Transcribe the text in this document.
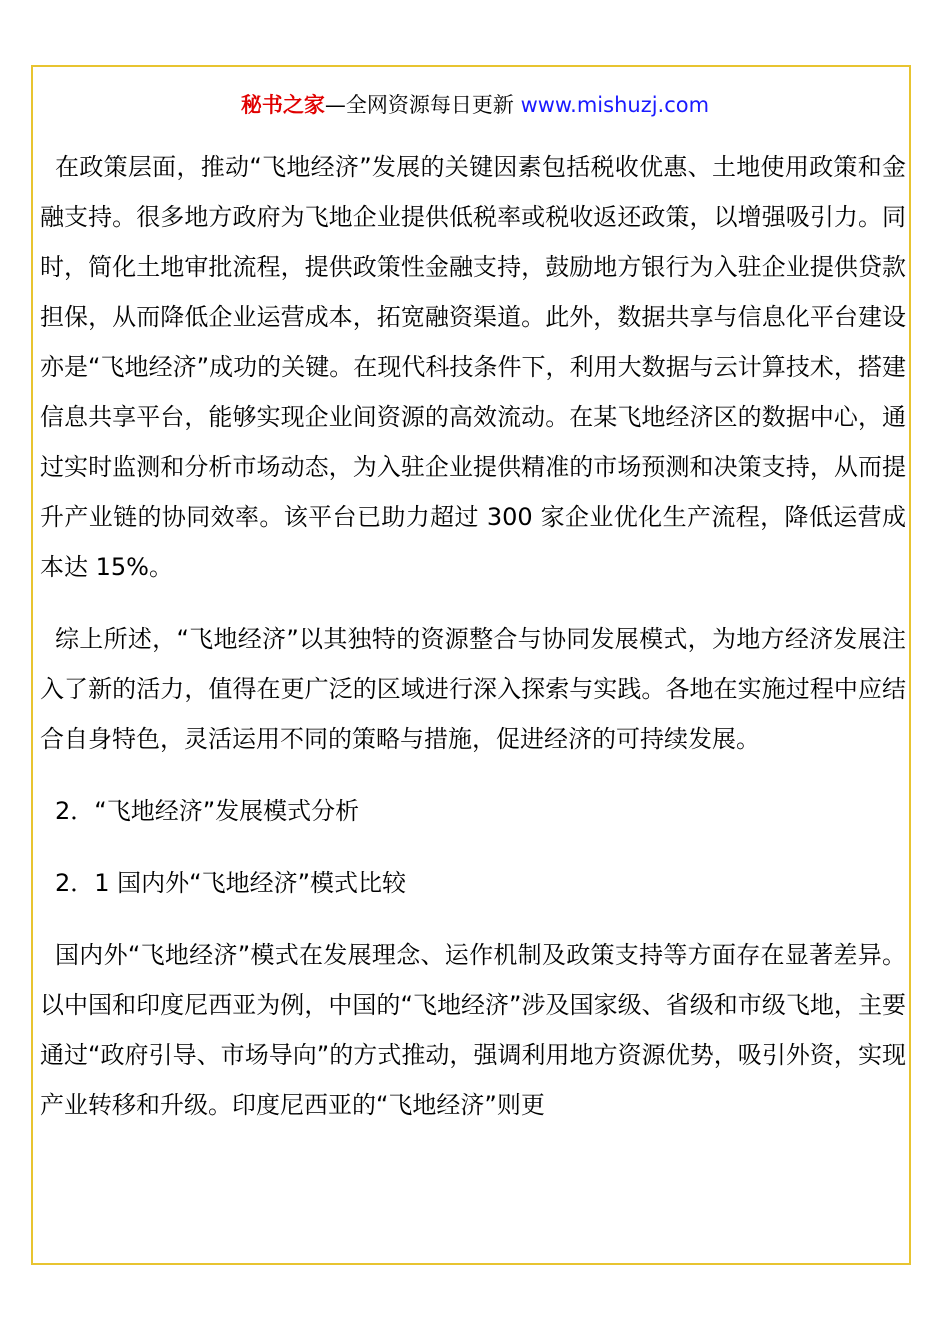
秘书之家—全网资源每日更新 www.mishuzj.com

在政策层面，推动“飞地经济”发展的关键因素包括税收优惠、土地使用政策和金融支持。很多地方政府为飞地企业提供低税率或税收返还政策，以增强吸引力。同时，简化土地审批流程，提供政策性金融支持，鼓励地方银行为入驻企业提供贷款担保，从而降低企业运营成本，拓宽融资渠道。此外，数据共享与信息化平台建设亦是“飞地经济”成功的关键。在现代科技条件下，利用大数据与云计算技术，搭建信息共享平台，能够实现企业间资源的高效流动。在某飞地经济区的数据中心，通过实时监测和分析市场动态，为入驻企业提供精准的市场预测和决策支持，从而提升产业链的协同效率。该平台已助力超过 300 家企业优化生产流程，降低运营成本达 15%。

综上所述，“飞地经济”以其独特的资源整合与协同发展模式，为地方经济发展注入了新的活力，值得在更广泛的区域进行深入探索与实践。各地在实施过程中应结合自身特色，灵活运用不同的策略与措施，促进经济的可持续发展。

2．“飞地经济”发展模式分析

2．1 国内外“飞地经济”模式比较

国内外“飞地经济”模式在发展理念、运作机制及政策支持等方面存在显著差异。以中国和印度尼西亚为例，中国的“飞地经济”涉及国家级、省级和市级飞地，主要通过“政府引导、市场导向”的方式推动，强调利用地方资源优势，吸引外资，实现产业转移和升级。印度尼西亚的“飞地经济”则更
